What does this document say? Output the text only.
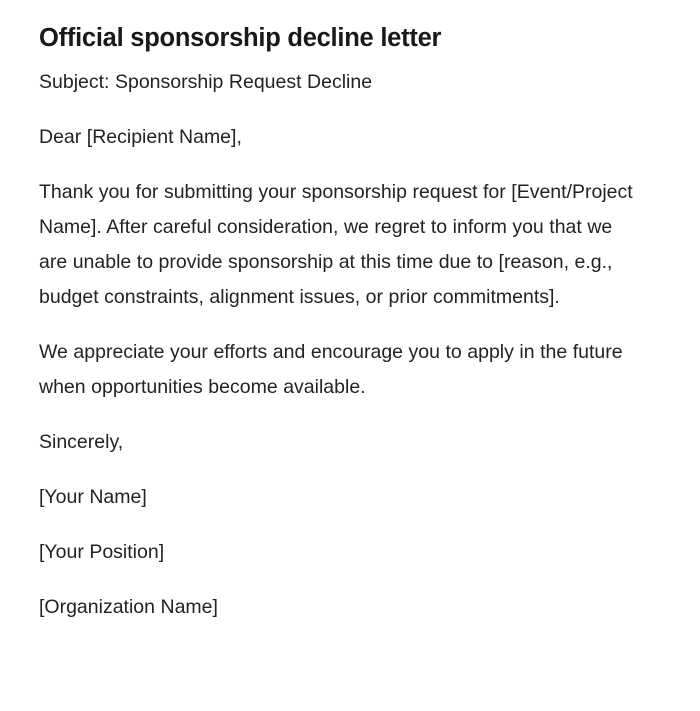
Official sponsorship decline letter

Subject: Sponsorship Request Decline

Dear [Recipient Name],

Thank you for submitting your sponsorship request for [Event/Project Name]. After careful consideration, we regret to inform you that we are unable to provide sponsorship at this time due to [reason, e.g., budget constraints, alignment issues, or prior commitments].

We appreciate your efforts and encourage you to apply in the future when opportunities become available.

Sincerely,

[Your Name]

[Your Position]

[Organization Name]
